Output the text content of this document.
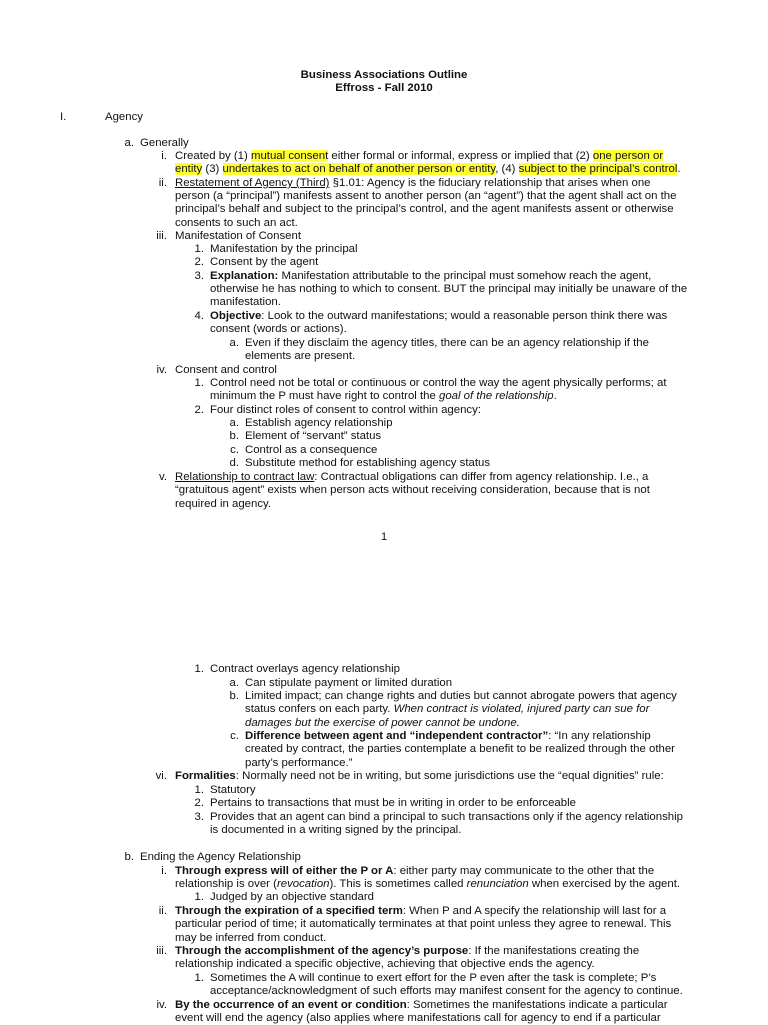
Business Associations Outline
Effross - Fall 2010
I.	Agency
a. Generally
i. Created by (1) mutual consent either formal or informal, express or implied that (2) one person or
entity (3) undertakes to act on behalf of another person or entity, (4) subject to the principal’s control.
ii. Restatement of Agency (Third) §1.01: Agency is the fiduciary relationship that arises when one
person (a “principal”) manifests assent to another person (an “agent”) that the agent shall act on the
principal’s behalf and subject to the principal’s control, and the agent manifests assent or otherwise
consents to such an act.
iii. Manifestation of Consent
1. Manifestation by the principal
2. Consent by the agent
3. Explanation: Manifestation attributable to the principal must somehow reach the agent,
otherwise he has nothing to which to consent. BUT the principal may initially be unaware of the
manifestation.
4. Objective: Look to the outward manifestations; would a reasonable person think there was
consent (words or actions).
a. Even if they disclaim the agency titles, there can be an agency relationship if the
elements are present.
iv. Consent and control
1. Control need not be total or continuous or control the way the agent physically performs; at
minimum the P must have right to control the goal of the relationship.
2. Four distinct roles of consent to control within agency:
a. Establish agency relationship
b. Element of “servant” status
c. Control as a consequence
d. Substitute method for establishing agency status
v. Relationship to contract law: Contractual obligations can differ from agency relationship. I.e., a
“gratuitous agent” exists when person acts without receiving consideration, because that is not
required in agency.
1
1. Contract overlays agency relationship
a. Can stipulate payment or limited duration
b. Limited impact; can change rights and duties but cannot abrogate powers that agency
status confers on each party. When contract is violated, injured party can sue for
damages but the exercise of power cannot be undone.
c. Difference between agent and “independent contractor”: “In any relationship
created by contract, the parties contemplate a benefit to be realized through the other
party’s performance.”
vi. Formalities: Normally need not be in writing, but some jurisdictions use the “equal dignities” rule:
1. Statutory
2. Pertains to transactions that must be in writing in order to be enforceable
3. Provides that an agent can bind a principal to such transactions only if the agency relationship
is documented in a writing signed by the principal.
b. Ending the Agency Relationship
i. Through express will of either the P or A: either party may communicate to the other that the
relationship is over (revocation). This is sometimes called renunciation when exercised by the agent.
1. Judged by an objective standard
ii. Through the expiration of a specified term: When P and A specify the relationship will last for a
particular period of time; it automatically terminates at that point unless they agree to renewal. This
may be inferred from conduct.
iii. Through the accomplishment of the agency’s purpose: If the manifestations creating the
relationship indicated a specific objective, achieving that objective ends the agency.
1. Sometimes the A will continue to exert effort for the P even after the task is complete; P’s
acceptance/acknowledgment of such efforts may manifest consent for the agency to continue.
iv. By the occurrence of an event or condition: Sometimes the manifestations indicate a particular
event will end the agency (also applies where manifestations call for agency to end if a particular
